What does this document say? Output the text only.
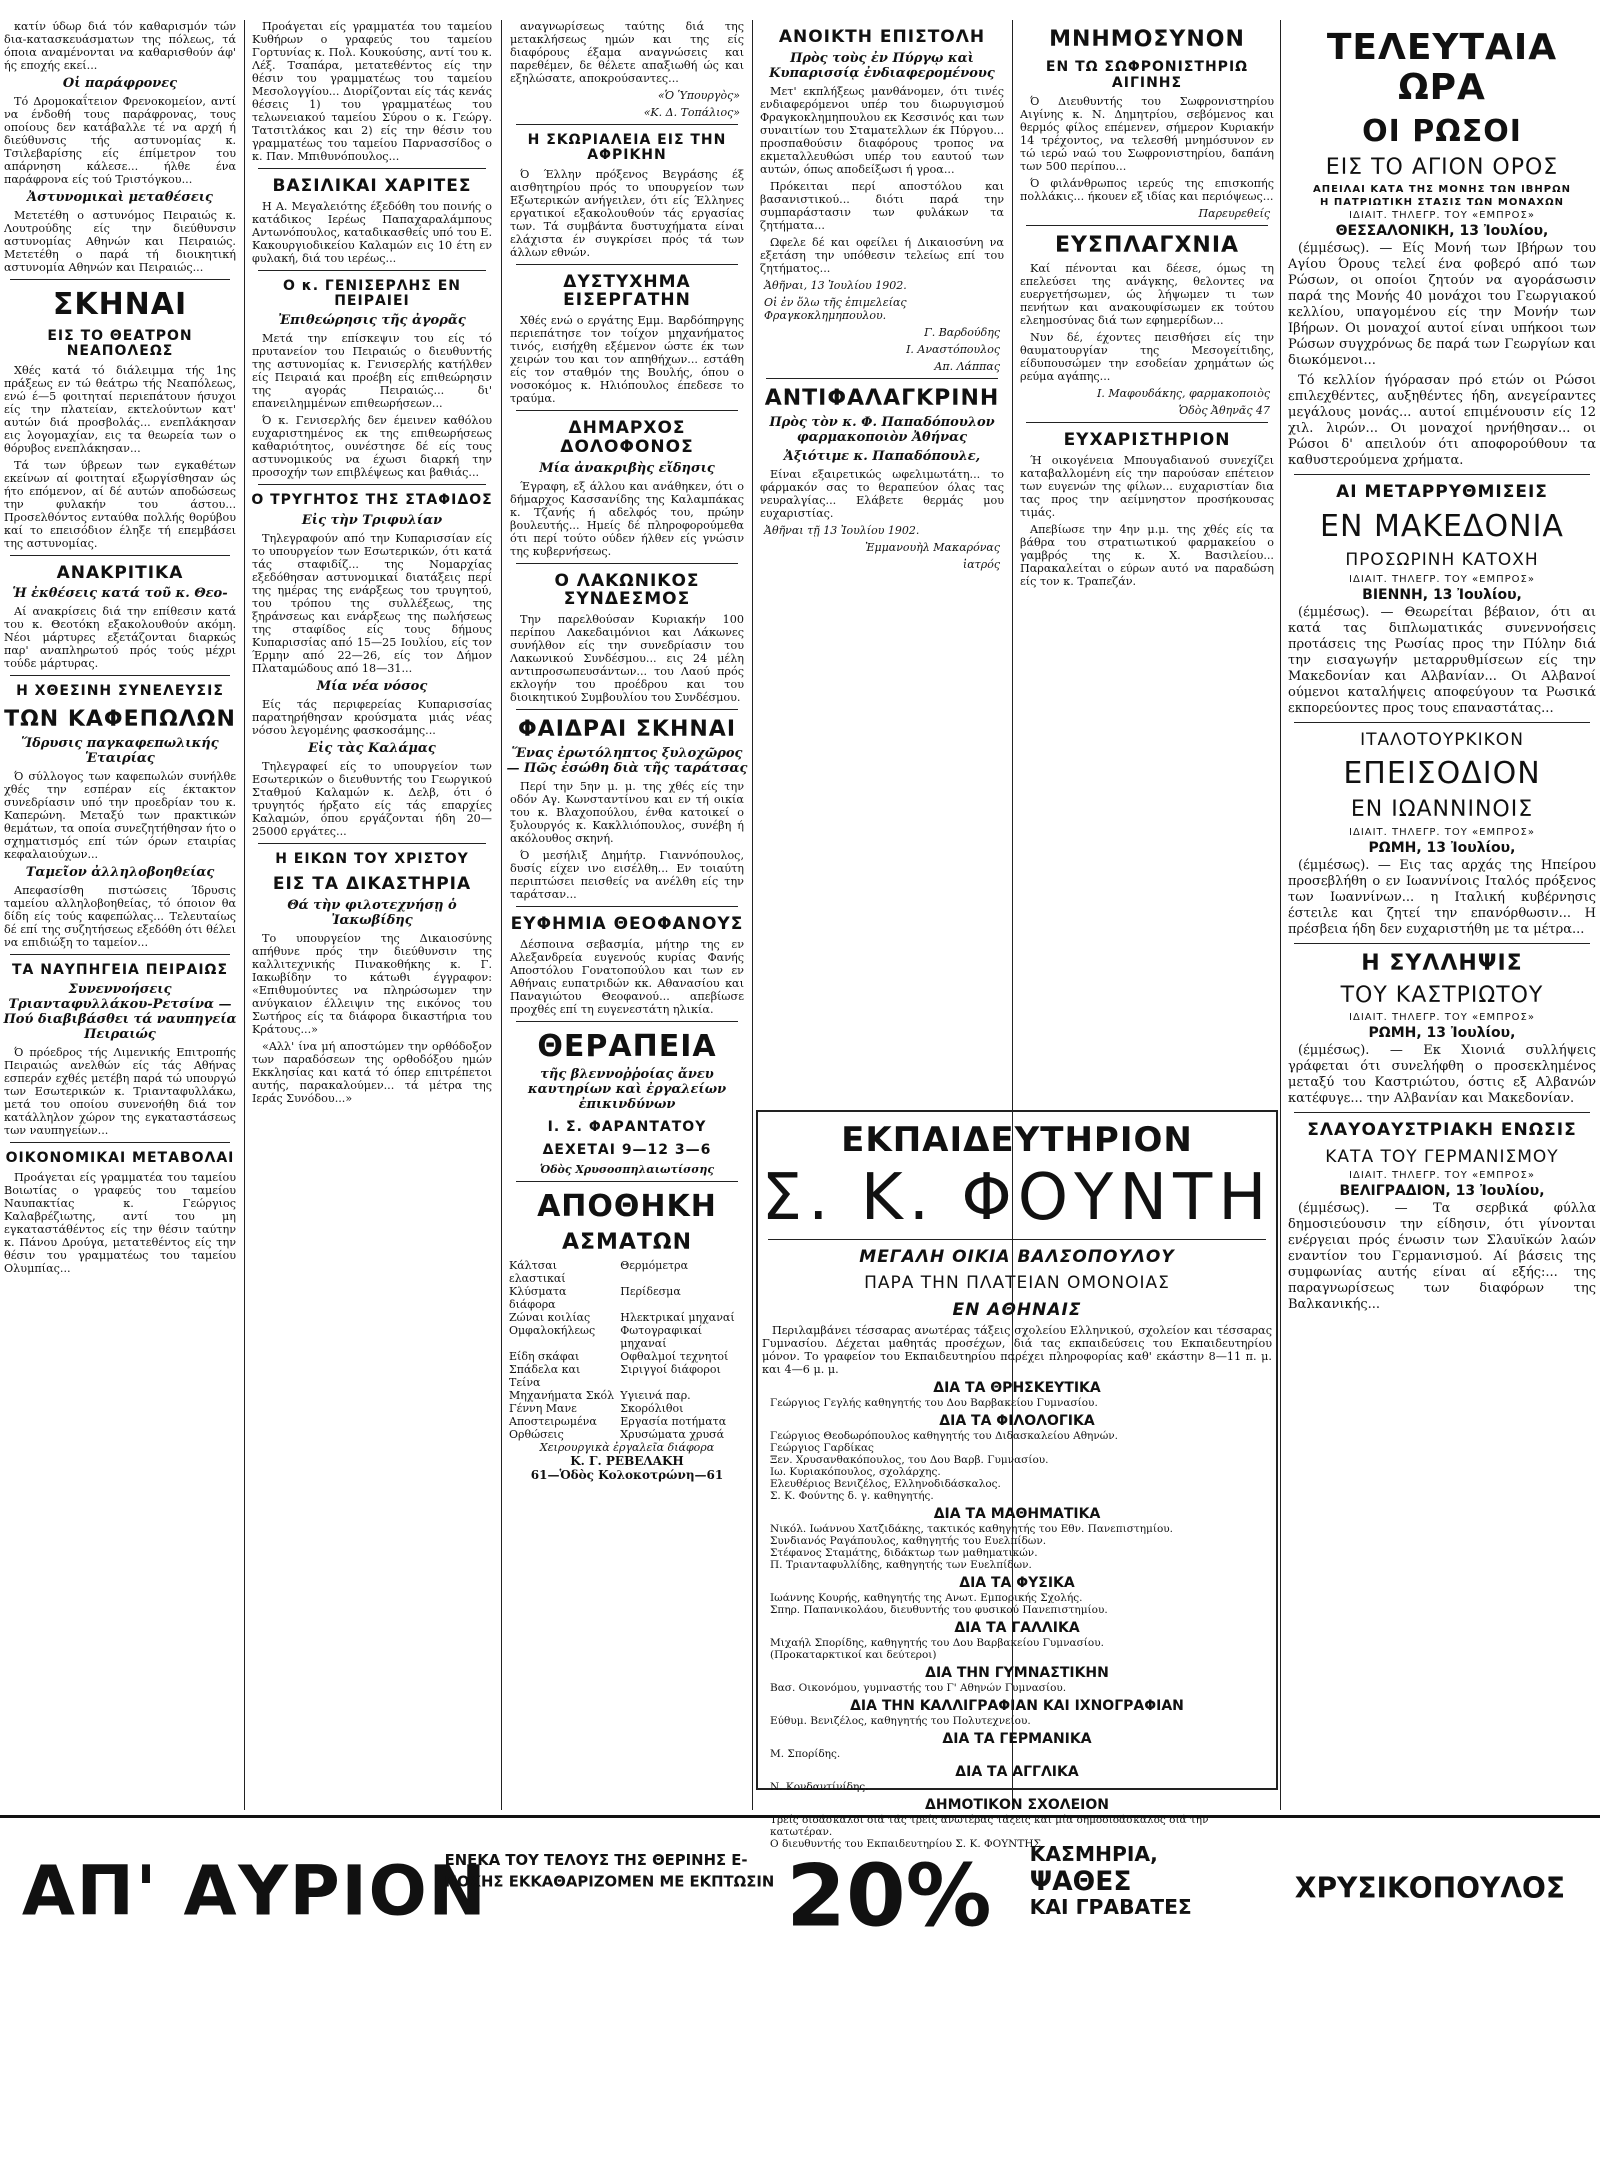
κατίν ύδωρ διά τόν καθαρισμόν τών δια-κατασκευάσματων της πόλεως, τά όποια αναμένονται να καθαρισθούν άφ' ής εποχής εκεί...

Οἱ παράφρονες

Τό Δρομοκαΐτειον Φρενοκομείον, αντί να ένδοθή τους παράφρονας, τους οποίους δεν κατάβαλλε τέ να αρχή ή διεύθυνσις τής αστυνομίας κ. Τσιλεβαρίσης είς έπίμετρον του απάρνηση κάλεσε... ήλθε ένα παράφρονα είς τού Τριστόγκου...

Ἀστυνομικαὶ μεταθέσεις

Μετετέθη ο αστυνόμος Πειραιώς κ. Λουτρούδης είς την διεύθυνσιν αστυνομίας Αθηνών και Πειραιώς. Μετετέθη ο παρά τή διοικητική αστυνομία Αθηνών και Πειραιώς...

ΣΚΗΝΑΙ
ΕΙΣ ΤΟ ΘΕΑΤΡΟΝ ΝΕΑΠΟΛΕΩΣ

Χθές κατά τό διάλειμμα τής 1ης πράξεως εν τώ θεάτρω τής Νεαπόλεως, ενώ έ—5 φοιτηταί περιεπάτουν ήσυχοι είς την πλατείαν, εκτελούντων κατ' αυτών διά προσβολάς... ενεπλάκησαν εις λογομαχίαν, εις τα θεωρεία των ο θόρυβος ενεπλάκησαν...

Τά των ύβρεων των εγκαθέτων εκείνων αί φοιτηταί εξωργίσθησαν ώς ήτο επόμενον, αί δέ αυτών αποδώσεως την φυλακήν του άστου... Προσελθόντος ενταύθα πολλής θορύβου καί το επεισόδιον έληξε τή επεμβάσει της αστυνομίας.

ΑΝΑΚΡΙΤΙΚΑ
Ἡ ἐκθέσεις κατά τοῦ κ. Θεο-

Αί ανακρίσεις διά την επίθεσιν κατά του κ. Θεοτόκη εξακολουθούν ακόμη. Νέοι μάρτυρες εξετάζονται διαρκώς παρ' αναπληρωτού πρός τούς μέχρι τούδε μάρτυρας.

Η ΧΘΕΣΙΝΗ ΣΥΝΕΛΕΥΣΙΣ
ΤΩΝ ΚΑΦΕΠΩΛΩΝ
Ἵδρυσις παγκαφεπωλικής Ἑταιρίας

Ό σύλλογος των καφεπωλών συνήλθε χθές την εσπέραν είς έκτακτον συνεδρίασιν υπό την προεδρίαν του κ. Καπερώνη. Μεταξύ των πρακτικών θεμάτων, τα οποία συνεζητήθησαν ήτο ο σχηματισμός επί τών όρων εταιρίας κεφαλαιούχων...

Ταμεῖον ἀλληλοβοηθείας

Απεφασίσθη πιστώσεις Ίδρυσις ταμείου αλληλοβοηθείας, τό όποιον θα δίδη είς τούς καφεπώλας... Τελευταίως δέ επί της συζητήσεως εξεδόθη ότι θέλει να επιδιώξη το ταμείον...

ΤΑ ΝΑΥΠΗΓΕΙΑ ΠΕΙΡΑΙΩΣ
Συνεννοήσεις Τριανταφυλλάκου-Ρετσίνα — Πού διαβιβάσθει τά ναυπηγεία Πειραιώς

Ό πρόεδρος τής Λιμενικής Επιτροπής Πειραιώς ανελθών είς τάς Αθήνας εσπεράν εχθές μετέβη παρά τώ υπουργώ των Εσωτερικών κ. Τριανταφυλλάκω, μετά του οποίου συνενοήθη διά τον κατάλληλον χώρον της εγκαταστάσεως των ναυπηγείων...

ΟΙΚΟΝΟΜΙΚΑΙ ΜΕΤΑΒΟΛΑΙ

Προάγεται είς γραμματέα του ταμείου Βοιωτίας ο γραφεύς του ταμείου Ναυπακτίας κ. Γεώργιος Καλαβρέζιωτης, αντί του μη εγκαταστάθέντος είς την θέσιν ταύτην κ. Πάνου Δρούγα, μετατεθέντος είς την θέσιν του γραμματέως του ταμείου Ολυμπίας...

Προάγεται είς γραμματέα του ταμείου Κυθήρων ο γραφεύς του ταμείου Γορτυνίας κ. Πολ. Κουκούσης, αντί του κ. Λέξ. Τσαπάρα, μετατεθέντος είς την θέσιν του γραμματέως του ταμείου Μεσολογγίου... Διορίζονται είς τάς κενάς θέσεις 1) του γραμματέως του τελωνειακού ταμείου Σύρου ο κ. Γεώργ. Τατσιτλάκος και 2) είς την θέσιν του γραμματέως του ταμείου Παρνασσίδος ο κ. Παν. Μπιθυνόπουλος...

ΒΑΣΙΛΙΚΑΙ ΧΑΡΙΤΕΣ

Η Α. Μεγαλειότης έξεδόθη του ποινής ο κατάδικος Ιερέως Παπαχαραλάμπους Αντωνόπουλος, καταδικασθείς υπό του Ε. Κακουργιοδικείου Καλαμών εις 10 έτη εν φυλακή, διά του ιερέως...

Ο κ. ΓΕΝΙΣΕΡΛΗΣ ΕΝ ΠΕΙΡΑΙΕΙ
Ἐπιθεώρησις τῆς ἀγορᾶς

Μετά την επίσκεψιν του είς τό πρυτανείον του Πειραιώς ο διευθυντής της αστυνομίας κ. Γενισερλής κατήλθεν είς Πειραιά και προέβη είς επιθεώρησιν της αγοράς Πειραιώς... δι' επανειλημμένων επιθεωρήσεων...

Ό κ. Γενισερλής δεν έμεινεν καθόλου ευχαριστημένος εκ της επιθεωρήσεως καθαριότητος, ουνέστησε δέ είς τους αστυνομικούς να έχωσι διαρκή την προσοχήν των επιβλέψεως και βαθιάς...

Ο ΤΡΥΓΗΤΟΣ ΤΗΣ ΣΤΑΦΙΔΟΣ
Εἰς τὴν Τριφυλίαν

Τηλεγραφούν από την Κυπαρισσίαν είς το υπουργείον των Εσωτερικών, ότι κατά τάς σταφιδίζ... της Νομαρχίας εξεδόθησαν αστυνομικαί διατάξεις περί της ημέρας της ενάρξεως του τρυγητού, του τρόπου της συλλέξεως, της ξηράνσεως και ενάρξεως της πωλήσεως της σταφίδος είς τους δήμους Κυπαρισσίας από 15—25 Ιουλίου, είς τον Έρμην από 22—26, είς τον Δήμον Πλαταμώδους από 18—31...

Μία νέα νόσος

Είς τάς περιφερείας Κυπαρισσίας παρατηρήθησαν κρούσματα μιάς νέας νόσου λεγομένης φασκοσάμης...

Εἰς τὰς Καλάμας

Τηλεγραφεί είς το υπουργείον των Εσωτερικών ο διευθυντής του Γεωργικού Σταθμού Καλαμών κ. Δελβ, ότι ό τρυγητός ήρξατο είς τάς επαρχίες Καλαμών, όπου εργάζονται ήδη 20—25000 εργάτες...

Η ΕΙΚΩΝ ΤΟΥ ΧΡΙΣΤΟΥ
ΕΙΣ ΤΑ ΔΙΚΑΣΤΗΡΙΑ
Θά τὴν φιλοτεχνήσῃ ὁ Ἰακωβίδης

Το υπουργείον της Δικαιοσύνης απήθυνε πρός την διεύθυνσιν της καλλιτεχνικής Πινακοθήκης κ. Γ. Ιακωβίδην το κάτωθι έγγραφον: «Επιθυμούντες να πληρώσωμεν την ανύγκαιον έλλειψιν της εικόνος του Σωτήρος είς τα διάφορα δικαστήρια του Κράτους...»

«Αλλ' ίνα μή αποστώμεν την ορθόδοξον των παραδόσεων της ορθοδόξου ημών Εκκλησίας και κατά τό όπερ επιτρέπετοι αυτής, παρακαλούμεν... τά μέτρα της Ιεράς Συνόδου...»

αναγνωρίσεως ταύτης διά της μετακλήσεως ημών και της είς διαφόρους έξαμα αναγνώσεις και παρεθέμεν, δε θέλετε απαξιωθή ώς και εξηλώσατε, αποκρούσαντες...

«Ὁ Ὑπουργὸς»
«Κ. Δ. Τοπάλιος»
Η ΣΚΩΡΙΑΛΕΙΑ ΕΙΣ ΤΗΝ ΑΦΡΙΚΗΝ

Ό Έλλην πρόξενος Βεγράσης έξ αισθητηρίου πρός το υπουργείον των Εξωτερικών ανήγειλεν, ότι είς Έλληνες εργατικοί εξακολουθούν τάς εργασίας των. Τά συμβάντα δυστυχήματα είναι ελάχιστα έν συγκρίσει πρός τά των άλλων εθνών.

ΔΥΣΤΥΧΗΜΑ ΕΙΣΕΡΓΑΤΗΝ

Χθές ενώ ο εργάτης Εμμ. Βαρδόπηργης περιεπάτησε τον τοίχον μηχανήματος τινός, εισήχθη εξέμενον ώστε έκ των χειρών του και τον απηθήχων... εστάθη είς τον σταθμόν της Βουλής, όπου ο νοσοκόμος κ. Ηλιόπουλος έπεδεσε το τραύμα.

ΔΗΜΑΡΧΟΣ ΔΟΛΟΦΟΝΟΣ
Μία ἀνακριβὴς εἴδησις

Έγραφη, εξ άλλου και ανάθηκεν, ότι ο δήμαρχος Κασσανίδης της Καλαμπάκας κ. Τζανής ή αδελφός του, πρώην βουλευτής... Ημείς δέ πληροφορούμεθα ότι περί τούτο ούδεν ήλθεν είς γνώσιν της κυβερνήσεως.

Ο ΛΑΚΩΝΙΚΟΣ ΣΥΝΔΕΣΜΟΣ

Την παρελθούσαν Κυριακήν 100 περίπου Λακεδαιμόνιοι και Λάκωνες συνήλθον είς την συνεδρίασιν του Λακωνικού Συνδέσμου... εις 24 μέλη αντιπροσωπευσάντων... του Λαού πρός εκλογήν του προέδρου και του διοικητικού Συμβουλίου του Συνδέσμου.

ΦΑΙΔΡΑΙ ΣΚΗΝΑΙ
Ἕνας ἐρωτόληπτος ξυλοχῶρος — Πῶς ἐσώθη διὰ τῆς ταράτσας

Περί την 5ην μ. μ. της χθές είς την οδόν Αγ. Κωνσταντίνου και εν τή οικία του κ. Βλαχοπούλου, ένθα κατοικεί ο ξυλουργός κ. Κακλλιόπουλος, συνέβη ή ακόλουθος σκηνή.

Ό μεσήλιξ Δημήτρ. Γιαννόπουλος, δυσίς είχεν ινο εισέλθη... Εν τοιαύτη περιπτώσει πεισθείς να ανέλθη είς την ταράτσαν...

ΕΥΦΗΜΙΑ ΘΕΟΦΑΝΟΥΣ

Δέσποινα σεβασμία, μήτηρ της εν Αλεξανδρεία ευγενούς κυρίας Φανής Αποστόλου Γονατοπούλου και των εν Αθήναις ευπατριδών κκ. Αθανασίου και Παναγιώτου Θεοφανού... απεβίωσε προχθές επί τη ευγενεστάτη ηλικία.

ΘΕΡΑΠΕΙΑ
τῆς βλεννοῤῥοίας ἄνευ καυτηρίων καὶ ἐργαλείων ἐπικινδύνων
Ι. Σ. ΦΑΡΑΝΤΑΤΟΥ
ΔΕΧΕΤΑΙ 9—12 3—6
Ὁδὸς Χρυσοσπηλαιωτίσσης
ΑΠΟΘΗΚΗ
ΑΣΜΑΤΩΝ
Κάλτσαι ελαστικαί	Θερμόμετρα
Κλύσματα διάφορα	Περίδεσμα
Ζώναι κοιλίας	Ηλεκτρικαί μηχαναί
Ομφαλοκήλεως	Φωτογραφικαί μηχαναί
Είδη σκάφαι	Οφθαλμοί τεχνητοί
Σπάδελα και Τείνα	Σιριγγοί διάφοροι
Μηχανήματα Σκόλ	Υγιεινά παρ.
Γέννη Μανε	Σκορόλιθοι
Αποστειρωμένα	Εργασία ποτήματα
Ορθώσεις	Χρυσώματα χρυσά
Χειρουργικὰ ἐργαλεῖα διάφορα
Κ. Γ. ΡΕΒΕΛΑΚΗ
61—Ὁδὸς Κολοκοτρώνη—61
ΑΝΟΙΚΤΗ ΕΠΙΣΤΟΛΗ
Πρὸς τοὺς ἐν Πύργῳ καὶ Κυπαρισσίᾳ ἐνδιαφερομένους

Μετ' εκπλήξεως μανθάνομεν, ότι τινές ενδιαφερόμενοι υπέρ του διωρυγισμού Φραγκοκλημηπουλου εκ Κεσσινός και των συναιτίων του Σταματελλων έκ Πύργου... προσπαθούσιν διαφόρους τροπος να εκμεταλλευθώσι υπέρ του εαυτού των αυτών, όπως αποδείξωσι ή γροα...

Πρόκειται περί αποστόλου και βασανιστικού... διότι παρά την συμπαράστασιν των φυλάκων τα ζητήματα...

Ωφελε δέ και οφείλει ή Δικαιοσύνη να εξετάση την υπόθεσιν τελείως επί του ζητήματος...

Ἀθῆναι, 13 Ἰουλίου 1902.
Οἱ ἐν ὅλω τῆς ἐπιμελείας Φραγκοκλημηπουλου.
Γ. Βαρδούδης
Ι. Αναστόπουλος
Απ. Λάππας
ΑΝΤΙΦΑΛΑΓΚΡΙΝΗ
Πρὸς τὸν κ. Φ. Παπαδόπουλον φαρμακοποιὸν Ἀθήνας
Ἀξιότιμε κ. Παπαδόπουλε,

Είναι εξαιρετικώς ωφελιμωτάτη... το φάρμακόν σας το θεραπεύον όλας τας νευραλγίας... Ελάβετε θερμάς μου ευχαριστίας.

Ἀθῆναι τῇ 13 Ἰουλίου 1902.
Ἐμμανουὴλ Μακαρόνας
ἰατρός
ΜΝΗΜΟΣΥΝΟΝ
ΕΝ ΤΩ ΣΩΦΡΟΝΙΣΤΗΡΙΩ ΑΙΓΙΝΗΣ

Ό Διευθυντής του Σωφρονιστηρίου Αιγίνης κ. Ν. Δημητρίου, σεβόμενος και θερμός φίλος επέμενεν, σήμερον Κυριακήν 14 τρέχοντος, να τελεσθή μνημόσυνον εν τώ ιερώ ναώ του Σωφρονιστηρίου, δαπάνη των 500 περίπου...

Ό φιλάνθρωπος ιερεύς της επισκοπής πολλάκις... ήκουεν εξ ιδίας και περιόψεως...

Παρευρεθείς
ΕΥΣΠΛΑΓΧΝΙΑ

Καί πένονται και δέεσε, όμως τη επελεύσει της ανάγκης, θελοντες να ευεργετήσωμεν, ώς λήψωμεν τι των πενήτων και ανακουφίσωμεν εκ τούτου ελεημοσύνας διά των εφημερίδων...

Νυν δέ, έχοντες πεισθήσει είς την θαυματουργίαν της Μεσογείτιδης, είδυπουσώμεν την εσοδείαν χρημάτων ώς ρεύμα αγάπης...

Ι. Μαφουδάκης, φαρμακοποιὸς
Ὁδὸς Ἀθηνᾶς 47
ΕΥΧΑΡΙΣΤΗΡΙΟΝ

Ή οικογένεια Μπουγαδιανού συνεχίζει καταβαλλομένη είς την παρούσαν επέτειον των ευγενών της φίλων... ευχαριστίαν δια τας προς την αείμνηστον προσήκουσας τιμάς.

Απεβίωσε την 4ην μ.μ. της χθές είς τα βάθρα του στρατιωτικού φαρμακείου ο γαμβρός της κ. Χ. Βασιλείου... Παρακαλείται ο εύρων αυτό να παραδώση είς τον κ. Τραπεζάν.

ΤΕΛΕΥΤΑΙΑ ΩΡΑ
ΟΙ ΡΩΣΟΙ
ΕΙΣ ΤΟ ΑΓΙΟΝ ΟΡΟΣ
ΑΠΕΙΛΑΙ ΚΑΤΑ ΤΗΣ ΜΟΝΗΣ ΤΩΝ ΙΒΗΡΩΝ
Η ΠΑΤΡΙΩΤΙΚΗ ΣΤΑΣΙΣ ΤΩΝ ΜΟΝΑΧΩΝ
ΙΔΙΑΙΤ. ΤΗΛΕΓΡ. ΤΟΥ «ΕΜΠΡΟΣ»
ΘΕΣΣΑΛΟΝΙΚΗ, 13 Ἰουλίου,

(έμμέσως). — Είς Μονή των Ιβήρων του Αγίου Όρους τελεί ένα φοβερό από των Ρώσων, οι οποίοι ζητούν να αγοράσωσιν παρά της Μονής 40 μονάχοι του Γεωργιακού κελλίου, υπαγομένου είς την Μονήν των Ιβήρων. Οι μοναχοί αυτοί είναι υπήκοοι των Ρώσων συγχρόνως δε παρά των Γεωργίων και διωκόμενοι...

Τό κελλίον ήγόρασαν πρό ετών οι Ρώσοι επιλεχθέντες, αυξηθέντες ήδη, ανεγείραντες μεγάλους μονάς... αυτοί επιμένουσιν είς 12 χιλ. λιρών... Οι μοναχοί ηρνήθησαν... οι Ρώσοι δ' απειλούν ότι αποφορούθουν τα καθυστερούμενα χρήματα.

ΑΙ ΜΕΤΑΡΡΥΘΜΙΣΕΙΣ
ΕΝ ΜΑΚΕΔΟΝΙΑ
ΠΡΟΣΩΡΙΝΗ ΚΑΤΟΧΗ
ΙΔΙΑΙΤ. ΤΗΛΕΓΡ. ΤΟΥ «ΕΜΠΡΟΣ»
ΒΙΕΝΝΗ, 13 Ἰουλίου,

(έμμέσως). — Θεωρείται βέβαιον, ότι αι κατά τας διπλωματικάς συνεννοήσεις προτάσεις της Ρωσίας προς την Πύλην διά την εισαγωγήν μεταρρυθμίσεων είς την Μακεδονίαν και Αλβανίαν... Οι Αλβανοί ούμενοι καταλήψεις αποφεύγουν τα Ρωσικά εκπορεύοντες προς τους επαναστάτας...

ΙΤΑΛΟΤΟΥΡΚΙΚΟΝ
ΕΠΕΙΣΟΔΙΟΝ
ΕΝ ΙΩΑΝΝΙΝΟΙΣ
ΙΔΙΑΙΤ. ΤΗΛΕΓΡ. ΤΟΥ «ΕΜΠΡΟΣ»
ΡΩΜΗ, 13 Ἰουλίου,

(έμμέσως). — Εις τας αρχάς της Ηπείρου προσεβλήθη ο εν Ιωαννίνοις Ιταλός πρόξενος των Ιωαννίνων... η Ιταλική κυβέρνησις έστειλε και ζητεί την επανόρθωσιν... Η πρέσβεια ήδη δεν ευχαριστήθη με τα μέτρα...

Η ΣΥΛΛΗΨΙΣ
ΤΟΥ ΚΑΣΤΡΙΩΤΟΥ
ΙΔΙΑΙΤ. ΤΗΛΕΓΡ. ΤΟΥ «ΕΜΠΡΟΣ»
ΡΩΜΗ, 13 Ἰουλίου,

(έμμέσως). — Εκ Χιονιά συλλήψεις γράφεται ότι συνελήφθη ο προσεκλημένος μεταξύ του Καστριώτου, όστις εξ Αλβανών κατέφυγε... την Αλβανίαν και Μακεδονίαν.

ΣΛΑΥΟΑΥΣΤΡΙΑΚΗ ΕΝΩΣΙΣ
ΚΑΤΑ ΤΟΥ ΓΕΡΜΑΝΙΣΜΟΥ
ΙΔΙΑΙΤ. ΤΗΛΕΓΡ. ΤΟΥ «ΕΜΠΡΟΣ»
ΒΕΛΙΓΡΑΔΙΟΝ, 13 Ἰουλίου,

(έμμέσως). — Τα σερβικά φύλλα δημοσιεύουσιν την είδησιν, ότι γίνονται ενέργειαι πρός ένωσιν των Σλαυϊκών λαών εναντίον του Γερμανισμού. Αί βάσεις της συμφωνίας αυτής είναι αί εξής:... της παραγνωρίσεως των διαφόρων της Βαλκανικής...

ΕΚΠΑΙΔΕΥΤΗΡΙΟΝ
Σ. Κ. ΦΟΥΝΤΗ
ΜΕΓΑΛΗ ΟΙΚΙΑ ΒΑΛΣΟΠΟΥΛΟΥ
ΠΑΡΑ ΤΗΝ ΠΛΑΤΕΙΑΝ ΟΜΟΝΟΙΑΣ
ΕΝ ΑΘΗΝΑΙΣ

Περιλαμβάνει τέσσαρας ανωτέρας τάξεις σχολείου Ελληνικού, σχολείον και τέσσαρας Γυμνασίου. Δέχεται μαθητάς προσέχων, διά τας εκπαιδεύσεις του Εκπαιδευτηρίου μόνον. Το γραφείον του Εκπαιδευτηρίου παρέχει πληροφορίας καθ' εκάστην 8—11 π. μ. και 4—6 μ. μ.

ΔΙΑ ΤΑ ΘΡΗΣΚΕΥΤΙΚΑ
Γεώργιος Γεγλής καθηγητής του Δου Βαρβακείου Γυμνασίου.
ΔΙΑ ΤΑ ΦΙΛΟΛΟΓΙΚΑ
Γεώργιος Θεοδωρόπουλος καθηγητής του Διδασκαλείου Αθηνών.
Γεώργιος Γαρδίκας
Ξεν. Χρυσανθακόπουλος, του Δου Βαρβ. Γυμνασίου.
Ιω. Κυριακόπουλος, σχολάρχης.
Ελευθέριος Βενιζέλος, Ελληνοδιδάσκαλος.
Σ. Κ. Φούντης δ. γ. καθηγητής.
ΔΙΑ ΤΑ ΜΑΘΗΜΑΤΙΚΑ
Νικόλ. Ιωάννου Χατζιδάκης, τακτικός καθηγητής του Εθν. Πανεπιστημίου.
Συνδιανός Ραγάπουλος, καθηγητής του Ευελπίδων.
Στέφανος Σταμάτης, διδάκτωρ των μαθηματικών.
Π. Τριανταφυλλίδης, καθηγητής των Ευελπίδων.
ΔΙΑ ΤΑ ΦΥΣΙΚΑ
Ιωάννης Κουρής, καθηγητής της Ανωτ. Εμπορικής Σχολής.
Σπηρ. Παπανικολάου, διευθυντής του φυσικού Πανεπιστημίου.
ΔΙΑ ΤΑ ΓΑΛΛΙΚΑ
Μιχαήλ Σπορίδης, καθηγητής του Δου Βαρβακείου Γυμνασίου.
(Προκαταρκτικοί και δεύτεροι)
ΔΙΑ ΤΗΝ ΓΥΜΝΑΣΤΙΚΗΝ
Βασ. Οικονόμου, γυμναστής του Γ' Αθηνών Γυμνασίου.
ΔΙΑ ΤΗΝ ΚΑΛΛΙΓΡΑΦΙΑΝ ΚΑΙ ΙΧΝΟΓΡΑΦΙΑΝ
Εύθυμ. Βενιζέλος, καθηγητής του Πολυτεχνείου.
ΔΙΑ ΤΑ ΓΕΡΜΑΝΙΚΑ
Μ. Σπορίδης.
ΔΙΑ ΤΑ ΑΓΓΛΙΚΑ
Ν. Κονδαντίνίδης.
ΔΗΜΟΤΙΚΟΝ ΣΧΟΛΕΙΟΝ
Τρείς διδάσκαλοι διά τάς τρείς ανωτέρας τάξεις και μία δημοδιδάσκαλος διά την κατωτέραν.
Ο διευθυντής του Εκπαιδευτηρίου Σ. Κ. ΦΟΥΝΤΗΣ
ΑΠ' ΑΥΡΙΟΝ
ΕΝΕΚΑ ΤΟΥ ΤΕΛΟΥΣ ΤΗΣ ΘΕΡΙΝΗΣ Ε-
ΠΟΧΗΣ ΕΚΚΑΘΑΡΙΖΟΜΕΝ ΜΕ ΕΚΠΤΩΣΙΝ 20% ΚΑΣΜΗΡΙΑ,
ΨΑΘΕΣ
ΚΑΙ ΓΡΑΒΑΤΕΣ
ΧΡΥΣΙΚΟΠΟΥΛΟΣ
